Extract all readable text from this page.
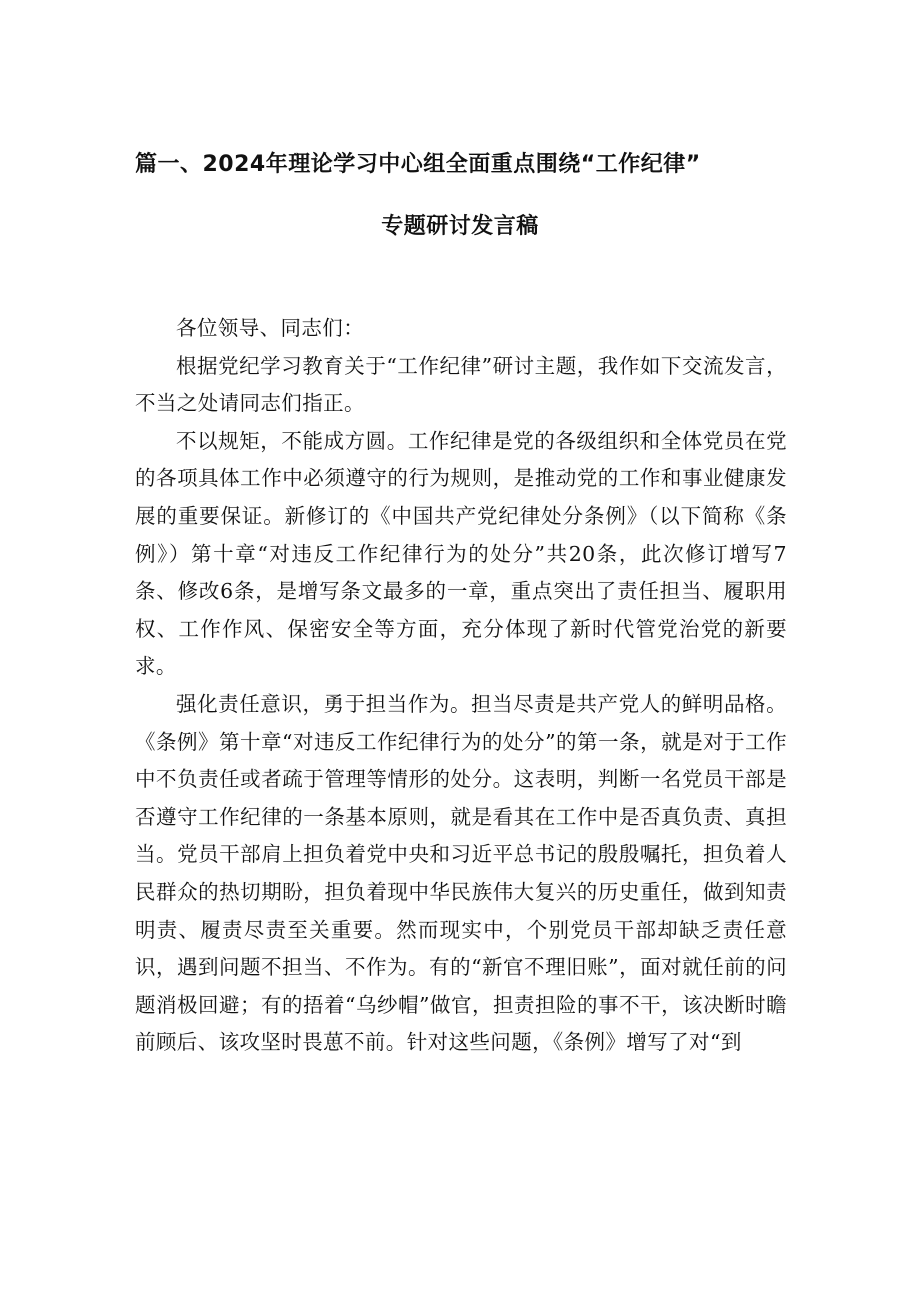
篇一、2024年理论学习中心组全面重点围绕“工作纪律”
专题研讨发言稿

各位领导、同志们：

根据党纪学习教育关于“工作纪律”研讨主题，我作如下交流发言，不当之处请同志们指正。

不以规矩，不能成方圆。工作纪律是党的各级组织和全体党员在党的各项具体工作中必须遵守的行为规则，是推动党的工作和事业健康发展的重要保证。新修订的《中国共产党纪律处分条例》（以下简称《条例》）第十章“对违反工作纪律行为的处分”共20条，此次修订增写7条、修改6条，是增写条文最多的一章，重点突出了责任担当、履职用权、工作作风、保密安全等方面，充分体现了新时代管党治党的新要求。

强化责任意识，勇于担当作为。担当尽责是共产党人的鲜明品格。《条例》第十章“对违反工作纪律行为的处分”的第一条，就是对于工作中不负责任或者疏于管理等情形的处分。这表明，判断一名党员干部是否遵守工作纪律的一条基本原则，就是看其在工作中是否真负责、真担当。党员干部肩上担负着党中央和习近平总书记的殷殷嘱托，担负着人民群众的热切期盼，担负着现中华民族伟大复兴的历史重任，做到知责明责、履责尽责至关重要。然而现实中，个别党员干部却缺乏责任意识，遇到问题不担当、不作为。有的“新官不理旧账”，面对就任前的问题消极回避；有的捂着“乌纱帽”做官，担责担险的事不干，该决断时瞻前顾后、该攻坚时畏葸不前。针对这些问题，《条例》增写了对“到
